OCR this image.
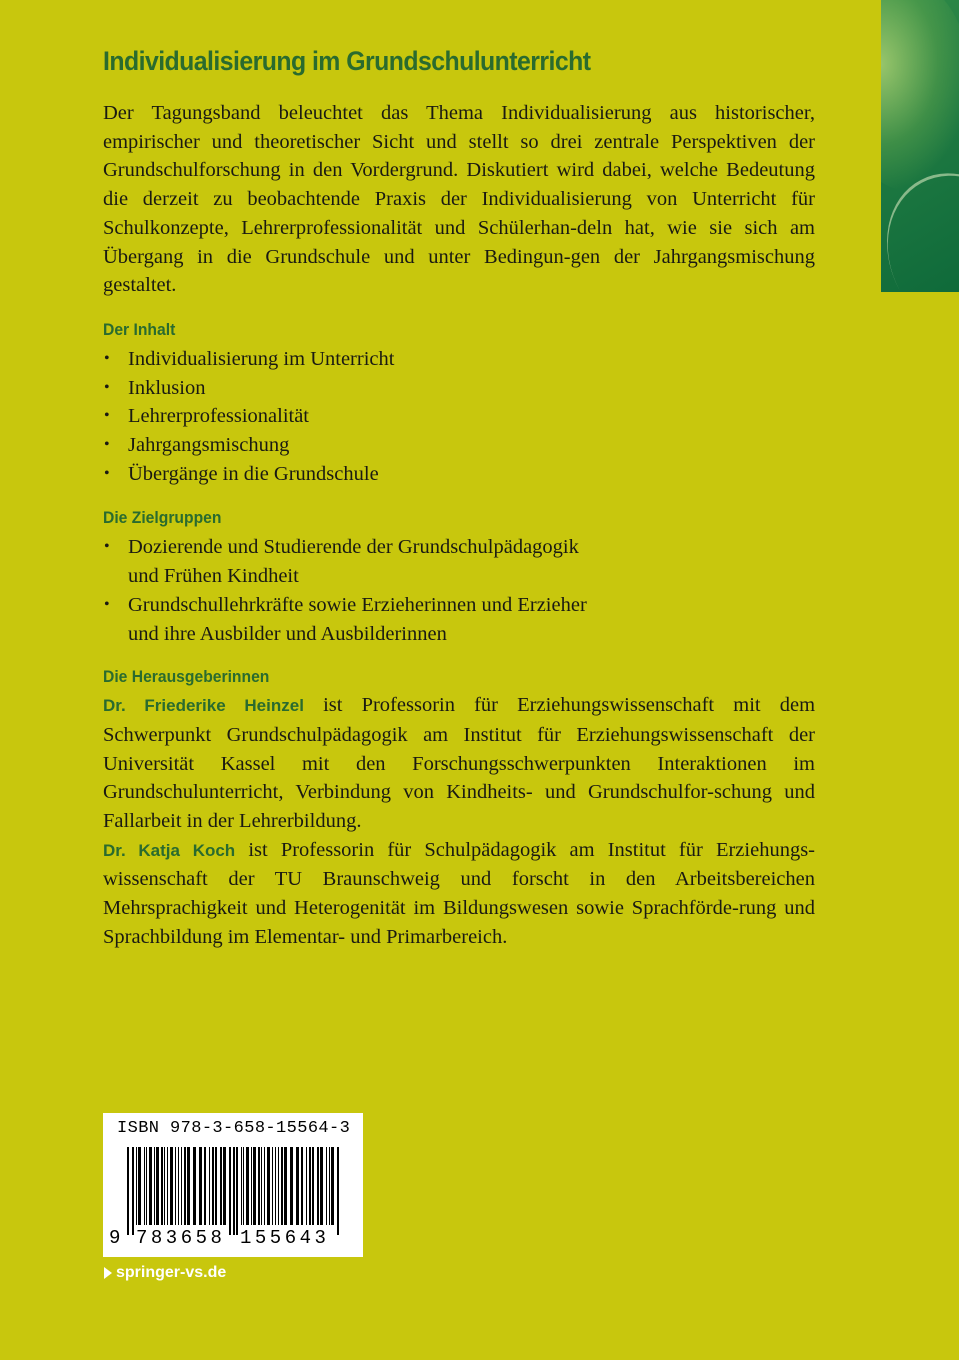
Individualisierung im Grundschulunterricht

Der Tagungsband beleuchtet das Thema Individualisierung aus historischer, empirischer und theoretischer Sicht und stellt so drei zentrale Perspektiven der Grundschulforschung in den Vordergrund. Diskutiert wird dabei, welche Bedeutung die derzeit zu beobachtende Praxis der Individualisierung von Unterricht für Schulkonzepte, Lehrerprofessionalität und Schülerhan-deln hat, wie sie sich am Übergang in die Grundschule und unter Bedingun-gen der Jahrgangsmischung gestaltet.

Der Inhalt
• Individualisierung im Unterricht
• Inklusion
• Lehrerprofessionalität
• Jahrgangsmischung
• Übergänge in die Grundschule
Die Zielgruppen
• Dozierende und Studierende der Grundschulpädagogik
und Frühen Kindheit
• Grundschullehrkräfte sowie Erzieherinnen und Erzieher
und ihre Ausbilder und Ausbilderinnen
Die Herausgeberinnen

Dr. Friederike Heinzel ist Professorin für Erziehungswissenschaft mit dem Schwerpunkt Grundschulpädagogik am Institut für Erziehungswissenschaft der Universität Kassel mit den Forschungsschwerpunkten Interaktionen im Grundschulunterricht, Verbindung von Kindheits- und Grundschulfor-schung und Fallarbeit in der Lehrerbildung.

Dr. Katja Koch ist Professorin für Schulpädagogik am Institut für Erziehungs-wissenschaft der TU Braunschweig und forscht in den Arbeitsbereichen Mehrsprachigkeit und Heterogenität im Bildungswesen sowie Sprachförde-rung und Sprachbildung im Elementar- und Primarbereich.

ISBN 978-3-658-15564-3
9 783658 155643
springer-vs.de
